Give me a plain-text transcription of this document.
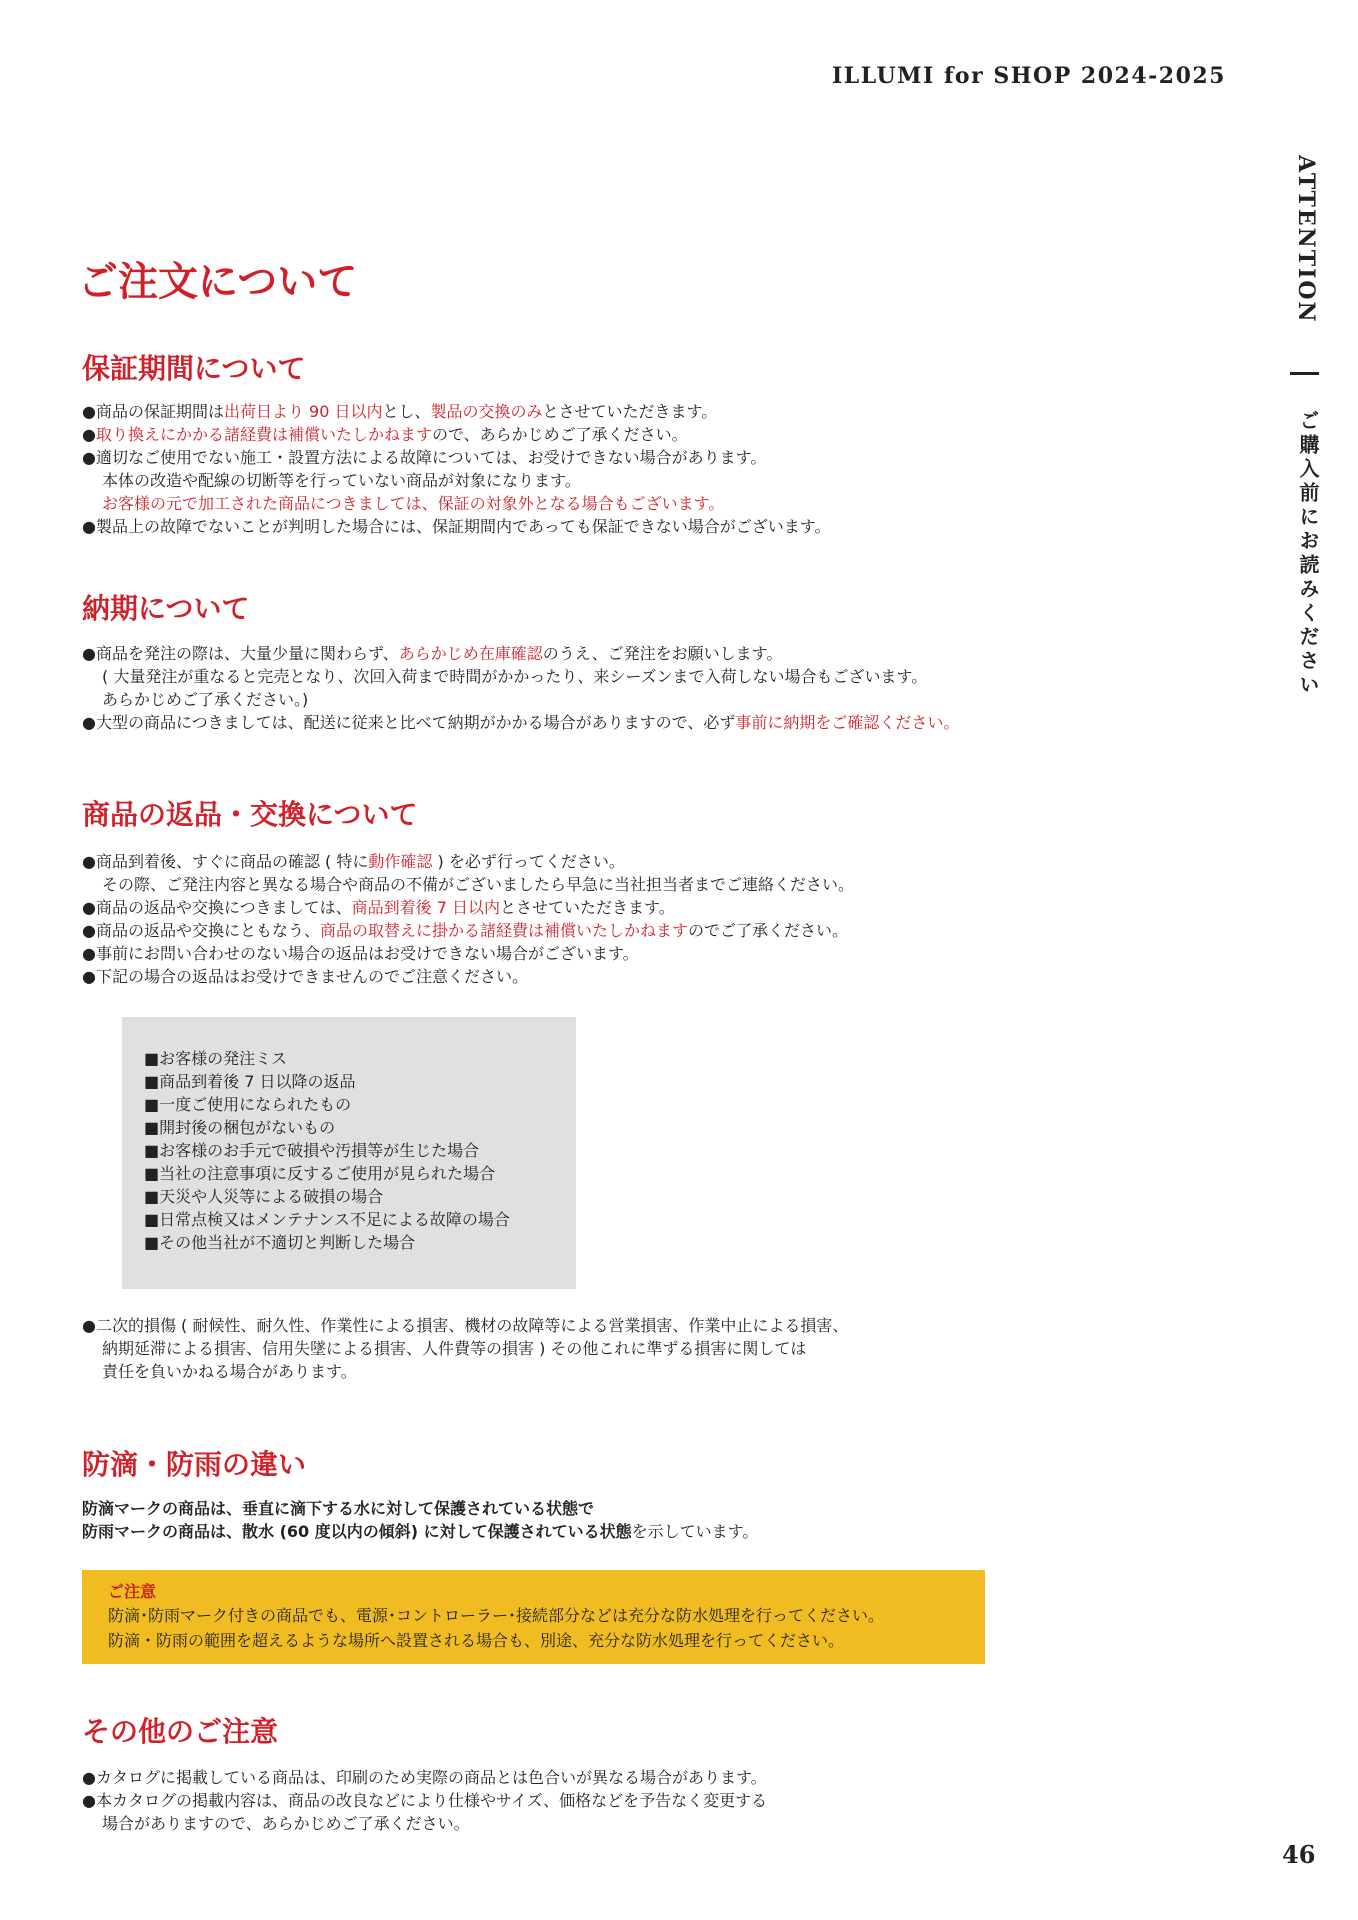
ILLUMI for SHOP 2024-2025
ATTENTION
ご購入前にお読みください
ご注文について
保証期間について
●商品の保証期間は出荷日より 90 日以内とし、製品の交換のみとさせていただきます。
●取り換えにかかる諸経費は補償いたしかねますので、あらかじめご了承ください。
●適切なご使用でない施工・設置方法による故障については、お受けできない場合があります。
本体の改造や配線の切断等を行っていない商品が対象になります。
お客様の元で加工された商品につきましては、保証の対象外となる場合もございます。
●製品上の故障でないことが判明した場合には、保証期間内であっても保証できない場合がございます。
納期について
●商品を発注の際は、大量少量に関わらず、あらかじめ在庫確認のうえ、ご発注をお願いします。
( 大量発注が重なると完売となり、次回入荷まで時間がかかったり、来シーズンまで入荷しない場合もございます。
あらかじめご了承ください。)
●大型の商品につきましては、配送に従来と比べて納期がかかる場合がありますので、必ず事前に納期をご確認ください。
商品の返品・交換について
●商品到着後、すぐに商品の確認 ( 特に動作確認 ) を必ず行ってください。
その際、ご発注内容と異なる場合や商品の不備がございましたら早急に当社担当者までご連絡ください。
●商品の返品や交換につきましては、商品到着後 7 日以内とさせていただきます。
●商品の返品や交換にともなう、商品の取替えに掛かる諸経費は補償いたしかねますのでご了承ください。
●事前にお問い合わせのない場合の返品はお受けできない場合がございます。
●下記の場合の返品はお受けできませんのでご注意ください。
■お客様の発注ミス
■商品到着後 7 日以降の返品
■一度ご使用になられたもの
■開封後の梱包がないもの
■お客様のお手元で破損や汚損等が生じた場合
■当社の注意事項に反するご使用が見られた場合
■天災や人災等による破損の場合
■日常点検又はメンテナンス不足による故障の場合
■その他当社が不適切と判断した場合
●二次的損傷 ( 耐候性、耐久性、作業性による損害、機材の故障等による営業損害、作業中止による損害、
納期延滞による損害、信用失墜による損害、人件費等の損害 ) その他これに準ずる損害に関しては
責任を負いかねる場合があります。
防滴・防雨の違い
防滴マークの商品は、垂直に滴下する水に対して保護されている状態で
防雨マークの商品は、散水 (60 度以内の傾斜) に対して保護されている状態を示しています。
ご注意
防滴･防雨マーク付きの商品でも、電源･コントローラー･接続部分などは充分な防水処理を行ってください。
防滴・防雨の範囲を超えるような場所へ設置される場合も、別途、充分な防水処理を行ってください。
その他のご注意
●カタログに掲載している商品は、印刷のため実際の商品とは色合いが異なる場合があります。
●本カタログの掲載内容は、商品の改良などにより仕様やサイズ、価格などを予告なく変更する
場合がありますので、あらかじめご了承ください。
46
